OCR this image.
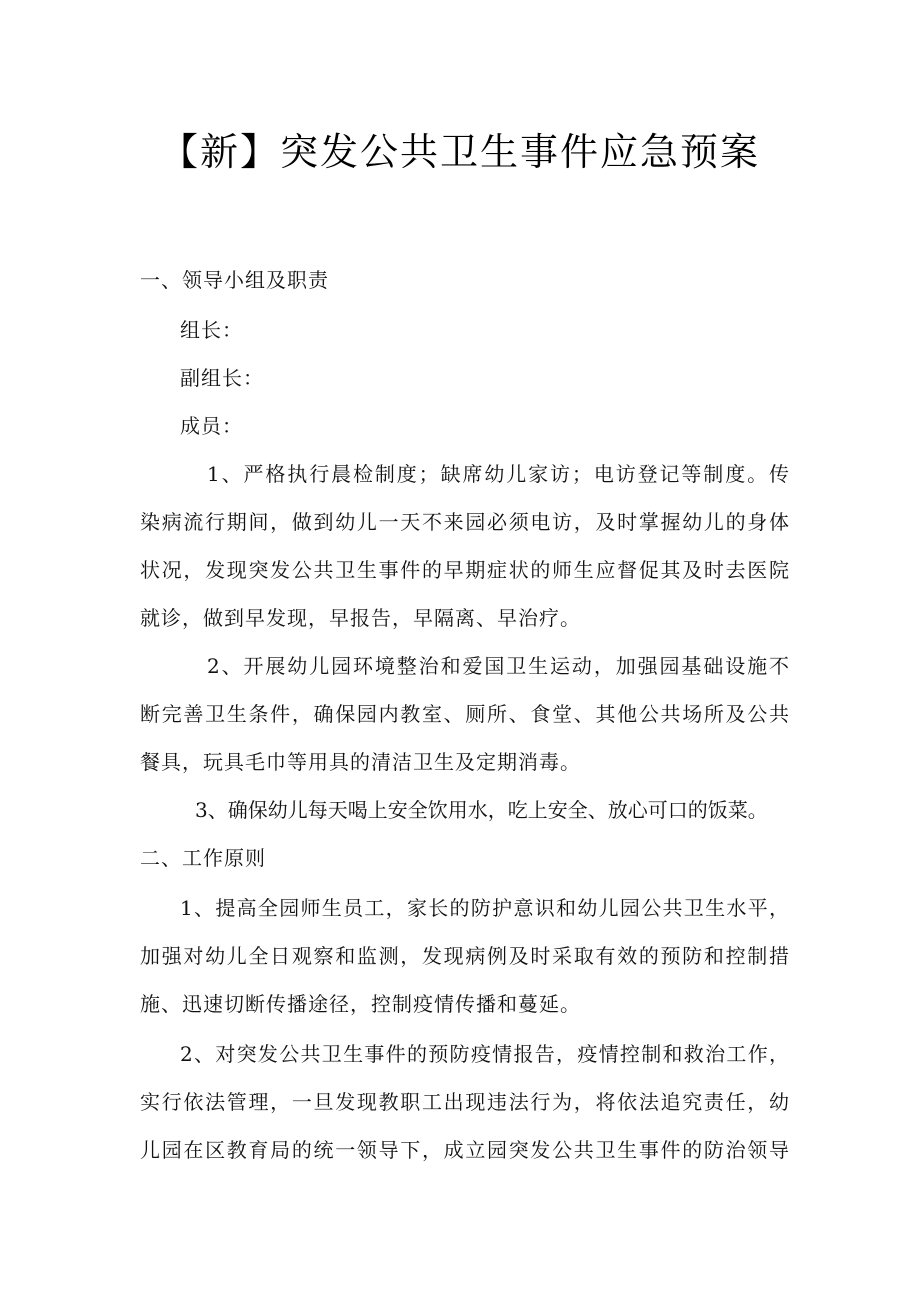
【新】突发公共卫生事件应急预案
一、领导小组及职责
组长：
副组长：
成员：
1、严格执行晨检制度；缺席幼儿家访；电访登记等制度。传
染病流行期间，做到幼儿一天不来园必须电访，及时掌握幼儿的身体
状况，发现突发公共卫生事件的早期症状的师生应督促其及时去医院
就诊，做到早发现，早报告，早隔离、早治疗。
2、开展幼儿园环境整治和爱国卫生运动，加强园基础设施不
断完善卫生条件，确保园内教室、厕所、食堂、其他公共场所及公共
餐具，玩具毛巾等用具的清洁卫生及定期消毒。
3、确保幼儿每天喝上安全饮用水，吃上安全、放心可口的饭菜。
二、工作原则
1、提高全园师生员工，家长的防护意识和幼儿园公共卫生水平，
加强对幼儿全日观察和监测，发现病例及时采取有效的预防和控制措
施、迅速切断传播途径，控制疫情传播和蔓延。
2、对突发公共卫生事件的预防疫情报告，疫情控制和救治工作，
实行依法管理，一旦发现教职工出现违法行为，将依法追究责任，幼
儿园在区教育局的统一领导下，成立园突发公共卫生事件的防治领导
